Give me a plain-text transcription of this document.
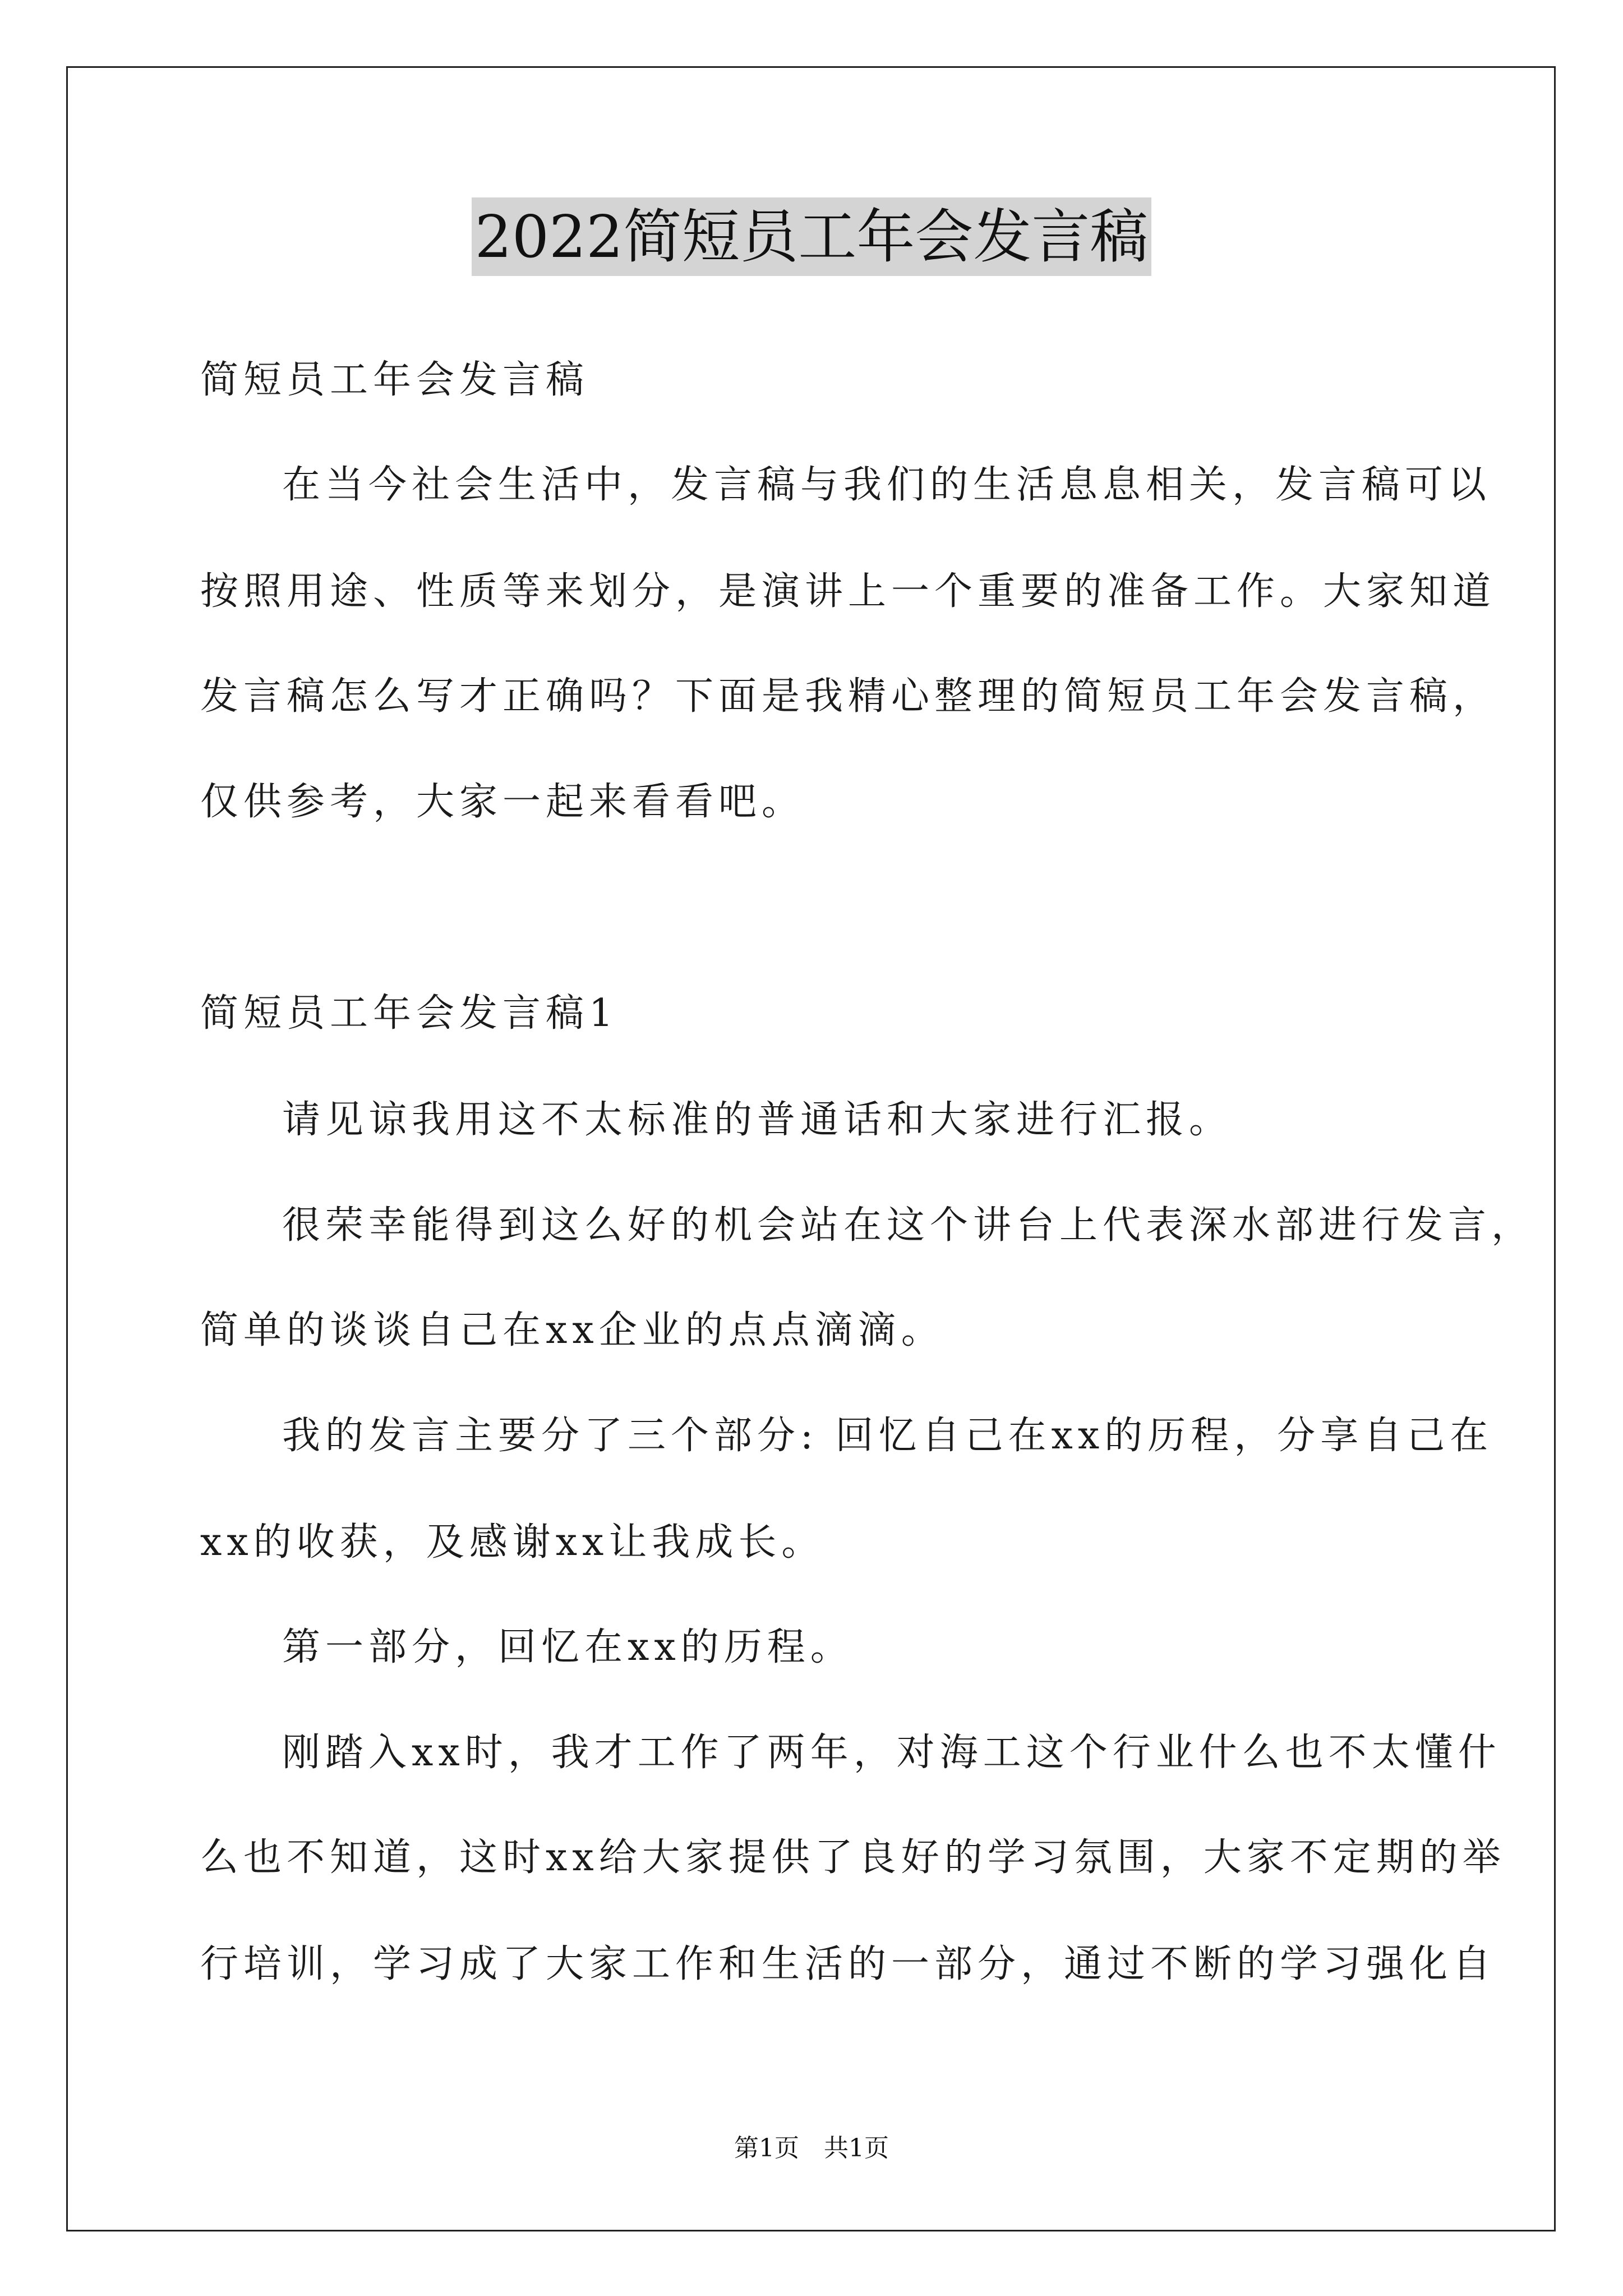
2022简短员工年会发言稿
简短员工年会发言稿
在当今社会生活中，发言稿与我们的生活息息相关，发言稿可以
按照用途、性质等来划分，是演讲上一个重要的准备工作。大家知道
发言稿怎么写才正确吗？下面是我精心整理的简短员工年会发言稿，
仅供参考，大家一起来看看吧。
简短员工年会发言稿1
请见谅我用这不太标准的普通话和大家进行汇报。
很荣幸能得到这么好的机会站在这个讲台上代表深水部进行发言，
简单的谈谈自己在xx企业的点点滴滴。
我的发言主要分了三个部分: 回忆自己在xx的历程，分享自己在
xx的收获，及感谢xx让我成长。
第一部分，回忆在xx的历程。
刚踏入xx时，我才工作了两年，对海工这个行业什么也不太懂什
么也不知道，这时xx给大家提供了良好的学习氛围，大家不定期的举
行培训，学习成了大家工作和生活的一部分，通过不断的学习强化自
第1页　共1页
